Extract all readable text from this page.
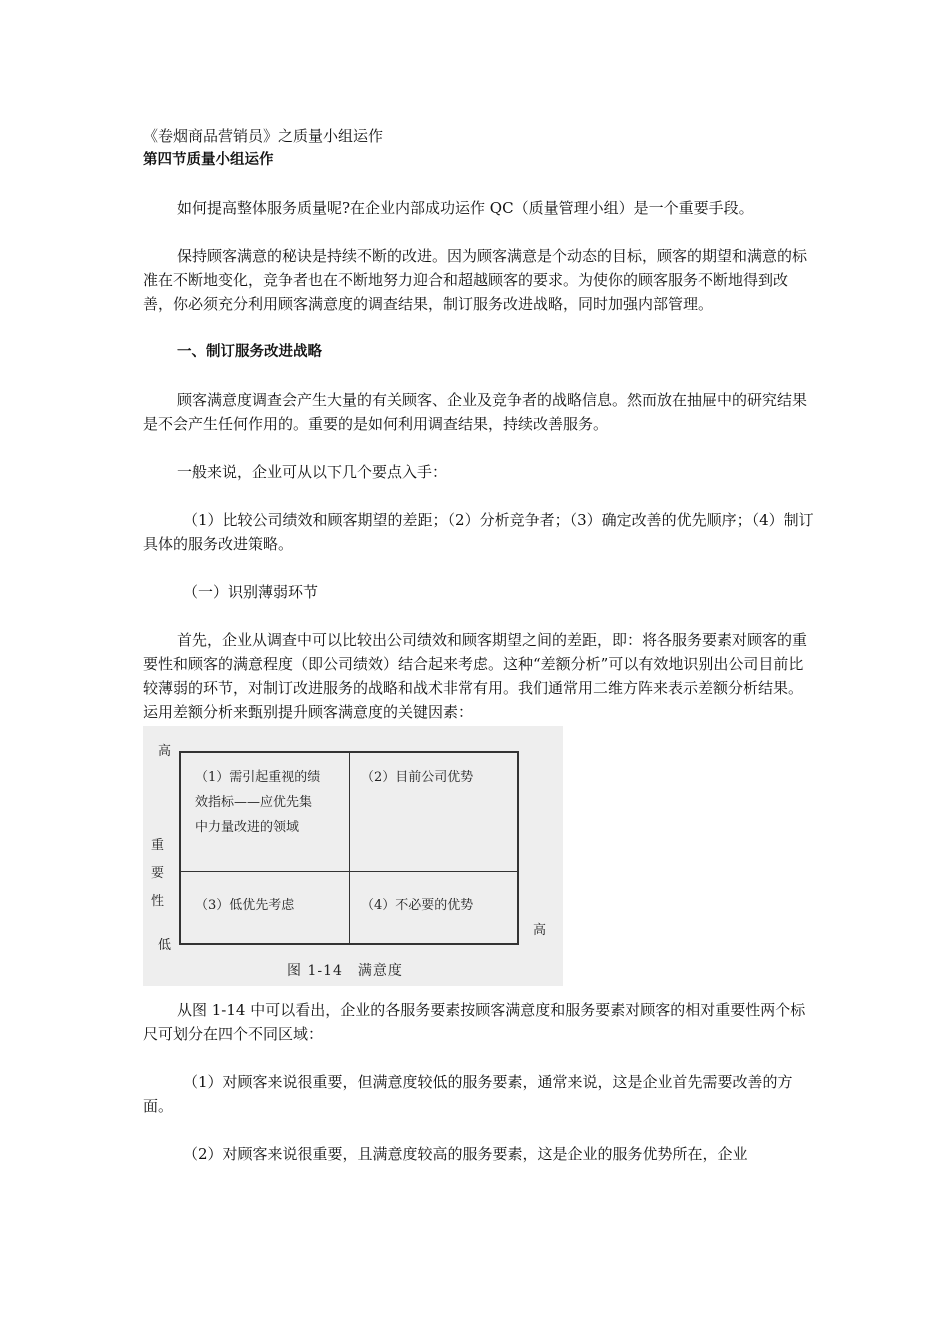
《卷烟商品营销员》之质量小组运作

第四节质量小组运作

如何提高整体服务质量呢?在企业内部成功运作 QC（质量管理小组）是一个重要手段。

保持顾客满意的秘诀是持续不断的改进。因为顾客满意是个动态的目标，顾客的期望和满意的标准在不断地变化，竞争者也在不断地努力迎合和超越顾客的要求。为使你的顾客服务不断地得到改善，你必须充分利用顾客满意度的调查结果，制订服务改进战略，同时加强内部管理。

一、制订服务改进战略

顾客满意度调查会产生大量的有关顾客、企业及竞争者的战略信息。然而放在抽屉中的研究结果是不会产生任何作用的。重要的是如何利用调查结果，持续改善服务。

一般来说，企业可从以下几个要点入手：

（1）比较公司绩效和顾客期望的差距；（2）分析竞争者；（3）确定改善的优先顺序；（4）制订具体的服务改进策略。

（一）识别薄弱环节

首先，企业从调查中可以比较出公司绩效和顾客期望之间的差距，即：将各服务要素对顾客的重要性和顾客的满意程度（即公司绩效）结合起来考虑。这种“差额分析”可以有效地识别出公司目前比较薄弱的环节，对制订改进服务的战略和战术非常有用。我们通常用二维方阵来表示差额分析结果。运用差额分析来甄别提升顾客满意度的关键因素：

高
重
要
性
低
高
（1）需引起重视的绩
效指标——应优先集
中力量改进的领域
（2）目前公司优势
（3）低优先考虑	（4）不必要的优势
图 1-14　满意度

从图 1-14 中可以看出，企业的各服务要素按顾客满意度和服务要素对顾客的相对重要性两个标尺可划分在四个不同区域：

（1）对顾客来说很重要，但满意度较低的服务要素，通常来说，这是企业首先需要改善的方面。

（2）对顾客来说很重要，且满意度较高的服务要素，这是企业的服务优势所在，企业
